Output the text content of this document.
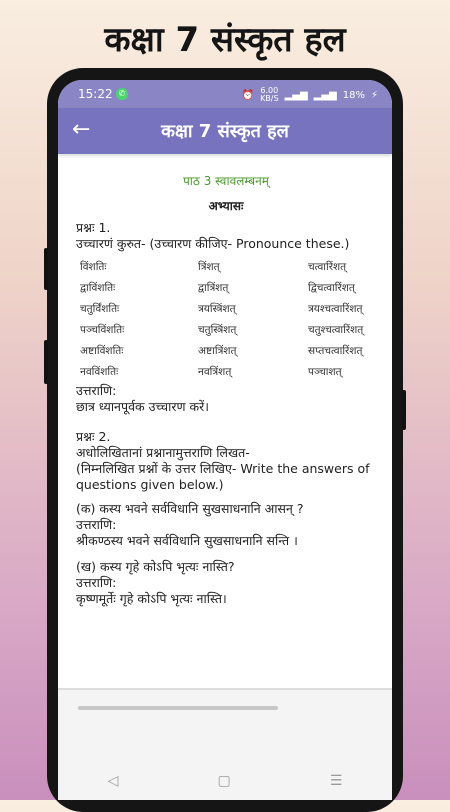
कक्षा 7 संस्कृत हल
15:22 ✆	⏰ 6.00
KB/S ▂▄▆ ▂▄▆ 18% ⚡
←	कक्षा 7 संस्कृत हल
पाठ 3 स्वावलम्बनम्
अभ्यासः

प्रश्नः 1.

उच्चारणं कुरुत- (उच्चारण कीजिए- Pronounce these.)

विंशतिः	त्रिंशत्	चत्वारिंशत्
द्वाविंशतिः	द्वात्रिंशत्	द्विचत्वारिंशत्
चतुर्विंशतिः	त्रयस्त्रिंशत्	त्रयश्चत्वारिंशत्
पञ्चविंशतिः	चतुस्त्रिंशत्	चतुश्चत्वारिंशत्
अष्टाविंशतिः	अष्टात्रिंशत्	सप्तचत्वारिंशत्
नवविंशतिः	नवत्रिंशत्	पञ्चाशत्

उत्तराणि:

छात्र ध्यानपूर्वक उच्चारण करें।

प्रश्नः 2.

अधोलिखितानां प्रश्नानामुत्तराणि लिखत-

(निम्नलिखित प्रश्नों के उत्तर लिखिए- Write the answers of questions given below.)

(क) कस्य भवने सर्वविधानि सुखसाधनानि आसन् ?

उत्तराणि:

श्रीकण्ठस्य भवने सर्वविधानि सुखसाधनानि सन्ति ।

(ख) कस्य गृहे कोऽपि भृत्यः नास्ति?

उत्तराणि:

कृष्णमूर्तेः गृहे कोऽपि भृत्यः नास्ति।

◁	▢	☰
